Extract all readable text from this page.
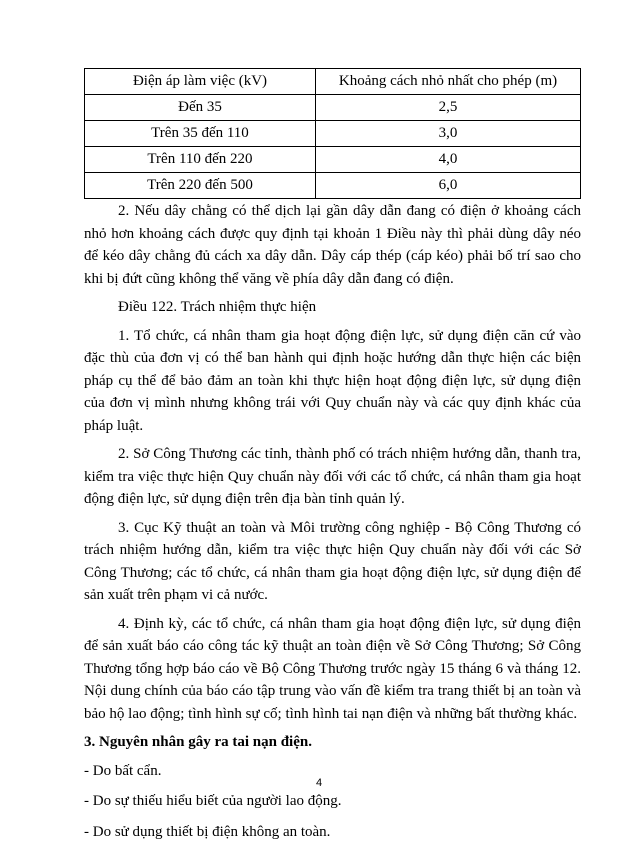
Điện áp làm việc (kV)	Khoảng cách nhỏ nhất cho phép (m)
Đến 35	2,5
Trên 35 đến 110	3,0
Trên 110 đến 220	4,0
Trên 220 đến 500	6,0

2. Nếu dây chằng có thể dịch lại gần dây dẫn đang có điện ở khoảng cách nhỏ hơn khoảng cách được quy định tại khoản 1 Điều này thì phải dùng dây néo để kéo dây chằng đủ cách xa dây dẫn. Dây cáp thép (cáp kéo) phải bố trí sao cho khi bị đứt cũng không thể văng về phía dây dẫn đang có điện.

Điều 122. Trách nhiệm thực hiện

1. Tổ chức, cá nhân tham gia hoạt động điện lực, sử dụng điện căn cứ vào đặc thù của đơn vị có thể ban hành qui định hoặc hướng dẫn thực hiện các biện pháp cụ thể để bảo đảm an toàn khi thực hiện hoạt động điện lực, sử dụng điện của đơn vị mình nhưng không trái với Quy chuẩn này và các quy định khác của pháp luật.

2. Sở Công Thương các tỉnh, thành phố có trách nhiệm hướng dẫn, thanh tra, kiểm tra việc thực hiện Quy chuẩn này đối với các tổ chức, cá nhân tham gia hoạt động điện lực, sử dụng điện trên địa bàn tỉnh quản lý.

3. Cục Kỹ thuật an toàn và Môi trường công nghiệp - Bộ Công Thương có trách nhiệm hướng dẫn, kiểm tra việc thực hiện Quy chuẩn này đối với các Sở Công Thương; các tổ chức, cá nhân tham gia hoạt động điện lực, sử dụng điện để sản xuất trên phạm vi cả nước.

4. Định kỳ, các tổ chức, cá nhân tham gia hoạt động điện lực, sử dụng điện để sản xuất báo cáo công tác kỹ thuật an toàn điện về Sở Công Thương; Sở Công Thương tổng hợp báo cáo về Bộ Công Thương trước ngày 15 tháng 6 và tháng 12. Nội dung chính của báo cáo tập trung vào vấn đề kiểm tra trang thiết bị an toàn và bảo hộ lao động; tình hình sự cố; tình hình tai nạn điện và những bất thường khác.

3. Nguyên nhân gây ra tai nạn điện.
- Do bất cẩn.
- Do sự thiếu hiểu biết của người lao động.
- Do sử dụng thiết bị điện không an toàn.
4
